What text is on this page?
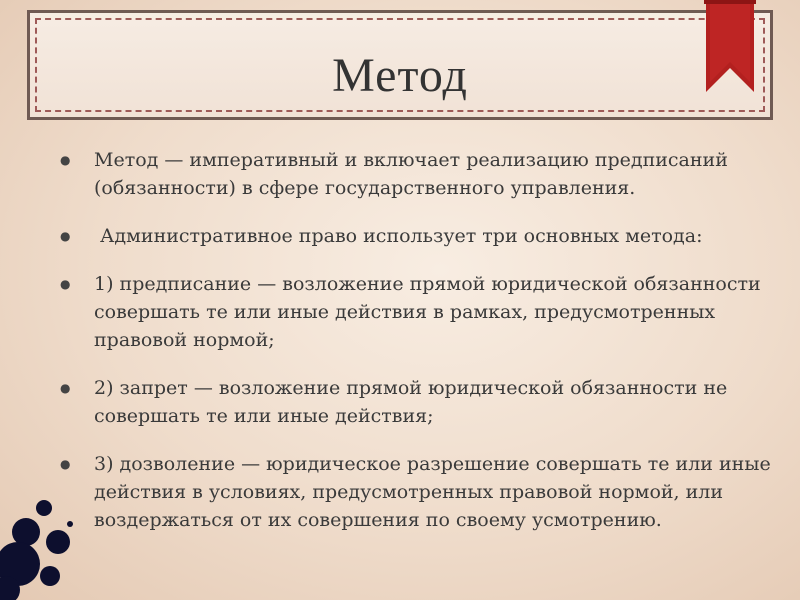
Метод
● Метод — императивный и включает реализацию предписаний (обязанности) в сфере государственного управления.
● Административное право использует три основных метода:
● 1) предписание — возложение прямой юридической обязанности совершать те или иные действия в рамках, предусмотренных правовой нормой;
● 2) запрет — возложение прямой юридической обязанности не совершать те или иные действия;
● 3) дозволение — юридическое разрешение совершать те или иные действия в условиях, предусмотренных правовой нормой, или воздержаться от их совершения по своему усмотрению.
